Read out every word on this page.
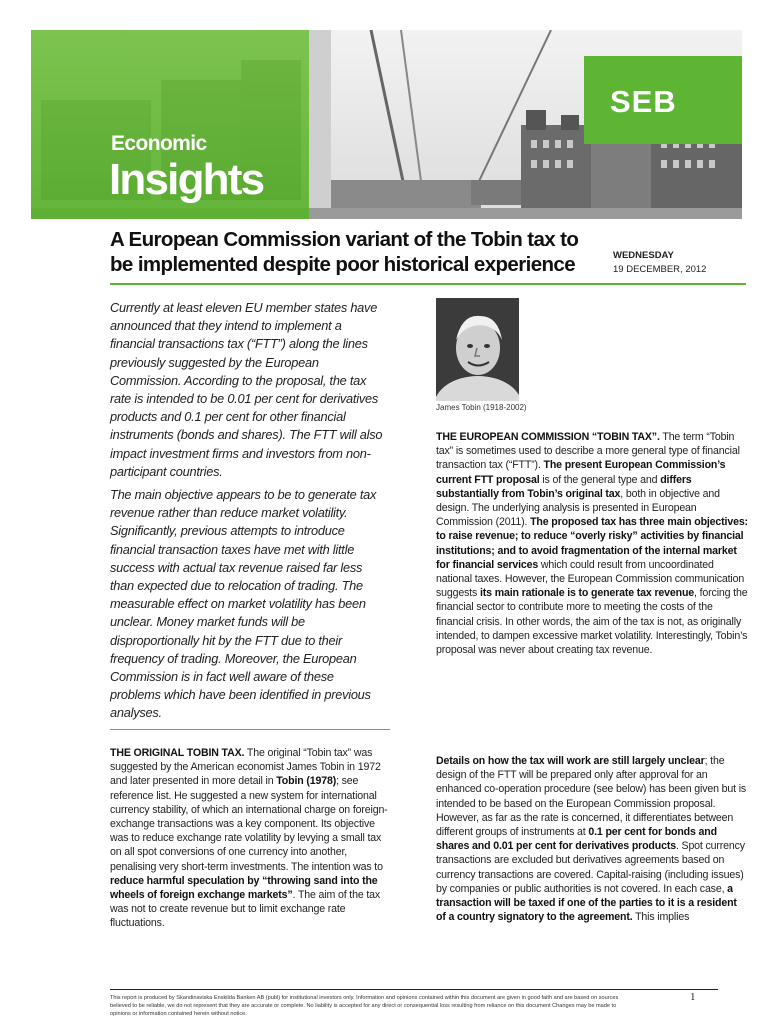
Economic
Insights
SEB
A European Commission variant of the Tobin tax to
be implemented despite poor historical experience	WEDNESDAY
19 DECEMBER, 2012

Currently at least eleven EU member states have announced that they intend to implement a financial transactions tax (“FTT”) along the lines previously suggested by the European Commission. According to the proposal, the tax rate is intended to be 0.01 per cent for derivatives products and 0.1 per cent for other financial instruments (bonds and shares). The FTT will also impact investment firms and investors from non-participant countries.

The main objective appears to be to generate tax revenue rather than reduce market volatility. Significantly, previous attempts to introduce financial transaction taxes have met with little success with actual tax revenue raised far less than expected due to relocation of trading. The measurable effect on market volatility has been unclear. Money market funds will be disproportionally hit by the FTT due to their frequency of trading. Moreover, the European Commission is in fact well aware of these problems which have been identified in previous analyses.

THE ORIGINAL TOBIN TAX. The original “Tobin tax” was suggested by the American economist James Tobin in 1972 and later presented in more detail in Tobin (1978); see reference list. He suggested a new system for international currency stability, of which an international charge on foreign-exchange transactions was a key component. Its objective was to reduce exchange rate volatility by levying a small tax on all spot conversions of one currency into another, penalising very short-term investments. The intention was to reduce harmful speculation by “throwing sand into the wheels of foreign exchange markets”. The aim of the tax was not to create revenue but to limit exchange rate fluctuations.

James Tobin (1918-2002)

THE EUROPEAN COMMISSION “TOBIN TAX”. The term “Tobin tax” is sometimes used to describe a more general type of financial transaction tax (“FTT”). The present European Commission’s current FTT proposal is of the general type and differs substantially from Tobin’s original tax, both in objective and design. The underlying analysis is presented in European Commission (2011). The proposed tax has three main objectives: to raise revenue; to reduce “overly risky” activities by financial institutions; and to avoid fragmentation of the internal market for financial services which could result from uncoordinated national taxes. However, the European Commission communication suggests its main rationale is to generate tax revenue, forcing the financial sector to contribute more to meeting the costs of the financial crisis. In other words, the aim of the tax is not, as originally intended, to dampen excessive market volatility. Interestingly, Tobin’s proposal was never about creating tax revenue.

Details on how the tax will work are still largely unclear; the design of the FTT will be prepared only after approval for an enhanced co-operation procedure (see below) has been given but is intended to be based on the European Commission proposal. However, as far as the rate is concerned, it differentiates between different groups of instruments at 0.1 per cent for bonds and shares and 0.01 per cent for derivatives products. Spot currency transactions are excluded but derivatives agreements based on currency transactions are covered. Capital-raising (including issues) by companies or public authorities is not covered. In each case, a transaction will be taxed if one of the parties to it is a resident of a country signatory to the agreement. This implies

This report is produced by Skandinaviska Enskilda Banken AB (publ) for institutional investors only. Information and opinions contained within this document are given in good faith and are based on sources believed to be reliable, we do not represent that they are accurate or complete. No liability is accepted for any direct or consequential loss resulting from reliance on this document Changes may be made to opinions or information contained herein without notice.

1
